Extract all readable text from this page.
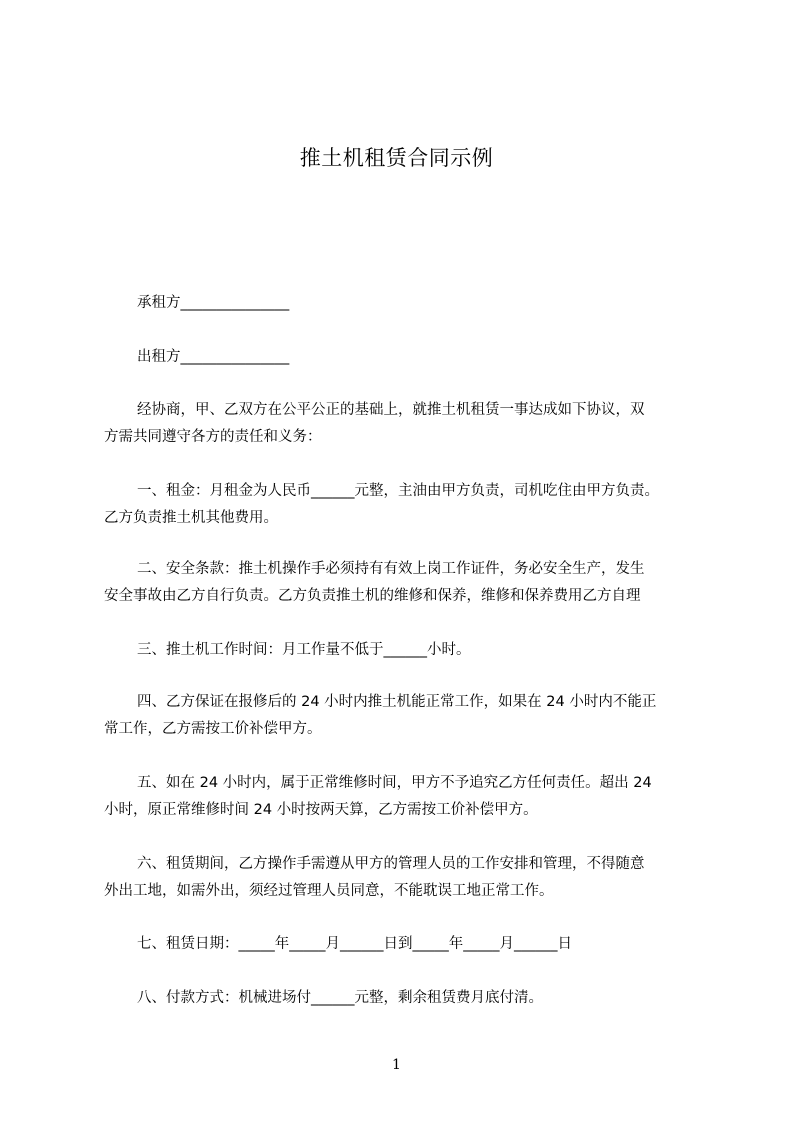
推土机租赁合同示例
承租方_______________
出租方_______________
经协商，甲、乙双方在公平公正的基础上，就推土机租赁一事达成如下协议，双
方需共同遵守各方的责任和义务：
一、租金：月租金为人民币______元整，主油由甲方负责，司机吃住由甲方负责。
乙方负责推土机其他费用。
二、安全条款：推土机操作手必须持有有效上岗工作证件，务必安全生产，发生
安全事故由乙方自行负责。乙方负责推土机的维修和保养，维修和保养费用乙方自理
三、推土机工作时间：月工作量不低于______小时。
四、乙方保证在报修后的 24 小时内推土机能正常工作，如果在 24 小时内不能正
常工作，乙方需按工价补偿甲方。
五、如在 24 小时内，属于正常维修时间，甲方不予追究乙方任何责任。超出 24
小时，原正常维修时间 24 小时按两天算，乙方需按工价补偿甲方。
六、租赁期间，乙方操作手需遵从甲方的管理人员的工作安排和管理，不得随意
外出工地，如需外出，须经过管理人员同意，不能耽误工地正常工作。
七、租赁日期：_____年_____月______日到_____年_____月______日
八、付款方式：机械进场付______元整，剩余租赁费月底付清。
1
